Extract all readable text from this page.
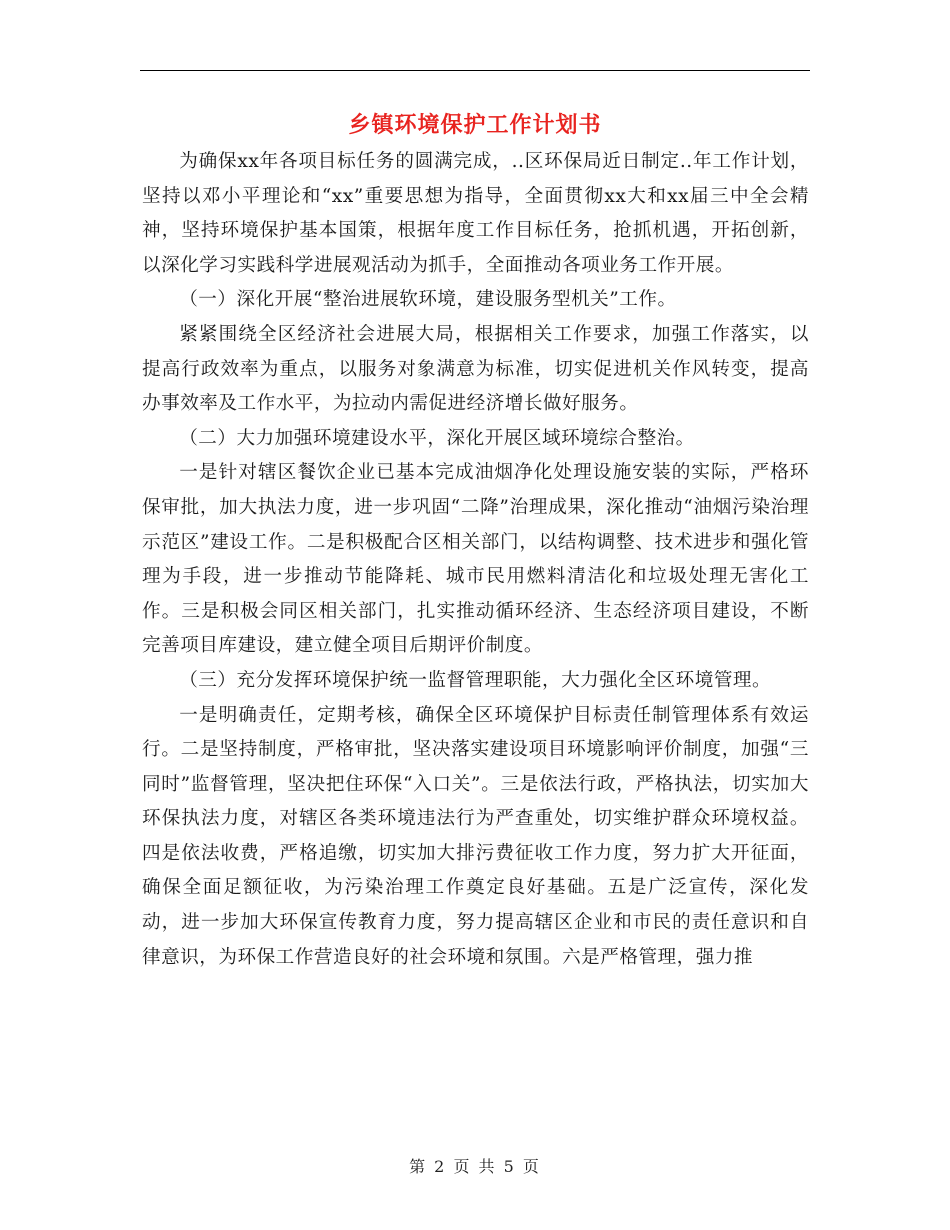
乡镇环境保护工作计划书

为确保xx年各项目标任务的圆满完成，..区环保局近日制定..年工作计划，坚持以邓小平理论和“xx”重要思想为指导，全面贯彻xx大和xx届三中全会精神，坚持环境保护基本国策，根据年度工作目标任务，抢抓机遇，开拓创新，以深化学习实践科学进展观活动为抓手，全面推动各项业务工作开展。

（一）深化开展“整治进展软环境，建设服务型机关”工作。

紧紧围绕全区经济社会进展大局，根据相关工作要求，加强工作落实，以提高行政效率为重点，以服务对象满意为标准，切实促进机关作风转变，提高办事效率及工作水平，为拉动内需促进经济增长做好服务。

（二）大力加强环境建设水平，深化开展区域环境综合整治。

一是针对辖区餐饮企业已基本完成油烟净化处理设施安装的实际，严格环保审批，加大执法力度，进一步巩固“二降”治理成果，深化推动“油烟污染治理示范区”建设工作。二是积极配合区相关部门，以结构调整、技术进步和强化管理为手段，进一步推动节能降耗、城市民用燃料清洁化和垃圾处理无害化工作。三是积极会同区相关部门，扎实推动循环经济、生态经济项目建设，不断完善项目库建设，建立健全项目后期评价制度。

（三）充分发挥环境保护统一监督管理职能，大力强化全区环境管理。

一是明确责任，定期考核，确保全区环境保护目标责任制管理体系有效运行。二是坚持制度，严格审批，坚决落实建设项目环境影响评价制度，加强“三同时”监督管理，坚决把住环保“入口关”。三是依法行政，严格执法，切实加大环保执法力度，对辖区各类环境违法行为严查重处，切实维护群众环境权益。四是依法收费，严格追缴，切实加大排污费征收工作力度，努力扩大开征面，确保全面足额征收，为污染治理工作奠定良好基础。五是广泛宣传，深化发动，进一步加大环保宣传教育力度，努力提高辖区企业和市民的责任意识和自律意识，为环保工作营造良好的社会环境和氛围。六是严格管理，强力推

第 2 页 共 5 页
